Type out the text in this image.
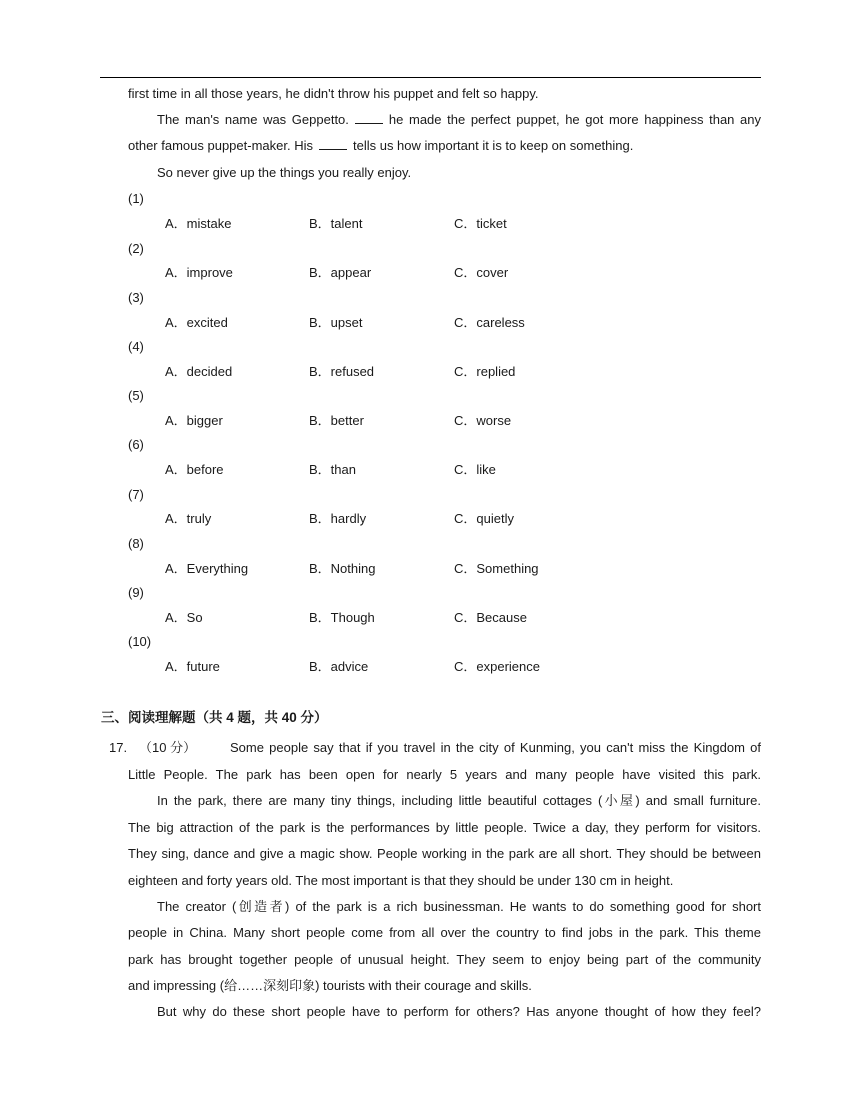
first time in all those years, he didn't throw his puppet and felt so happy.
The man's name was Geppetto.	he made the perfect puppet, he got more happiness than any
other famous puppet-maker. His	tells us how important it is to keep on something.
So never give up the things you really enjoy.
(1)
A．mistake	B．talent	C．ticket
(2)
A．improve	B．appear	C．cover
(3)
A．excited	B．upset	C．careless
(4)
A．decided	B．refused	C．replied
(5)
A．bigger	B．better	C．worse
(6)
A．before	B．than	C．like
(7)
A．truly	B．hardly	C．quietly
(8)
A．Everything	B．Nothing	C．Something
(9)
A．So	B．Though	C．Because
(10)
A．future	B．advice	C．experience
三、阅读理解题（共 4 题，共 40 分）
17. （10 分）	Some people say that if you travel in the city of Kunming, you can't miss the Kingdom of
Little People. The park has been open for nearly 5 years and many people have visited this park.
In the park, there are many tiny things, including little beautiful cottages (小屋) and small furniture.
The big attraction of the park is the performances by little people. Twice a day, they perform for visitors.
They sing, dance and give a magic show. People working in the park are all short. They should be between
eighteen and forty years old. The most important is that they should be under 130 cm in height.
The creator (创造者) of the park is a rich businessman. He wants to do something good for short
people in China. Many short people come from all over the country to find jobs in the park. This theme
park has brought together people of unusual height. They seem to enjoy being part of the community
and impressing (给……深刻印象) tourists with their courage and skills.
But why do these short people have to perform for others? Has anyone thought of how they feel?
